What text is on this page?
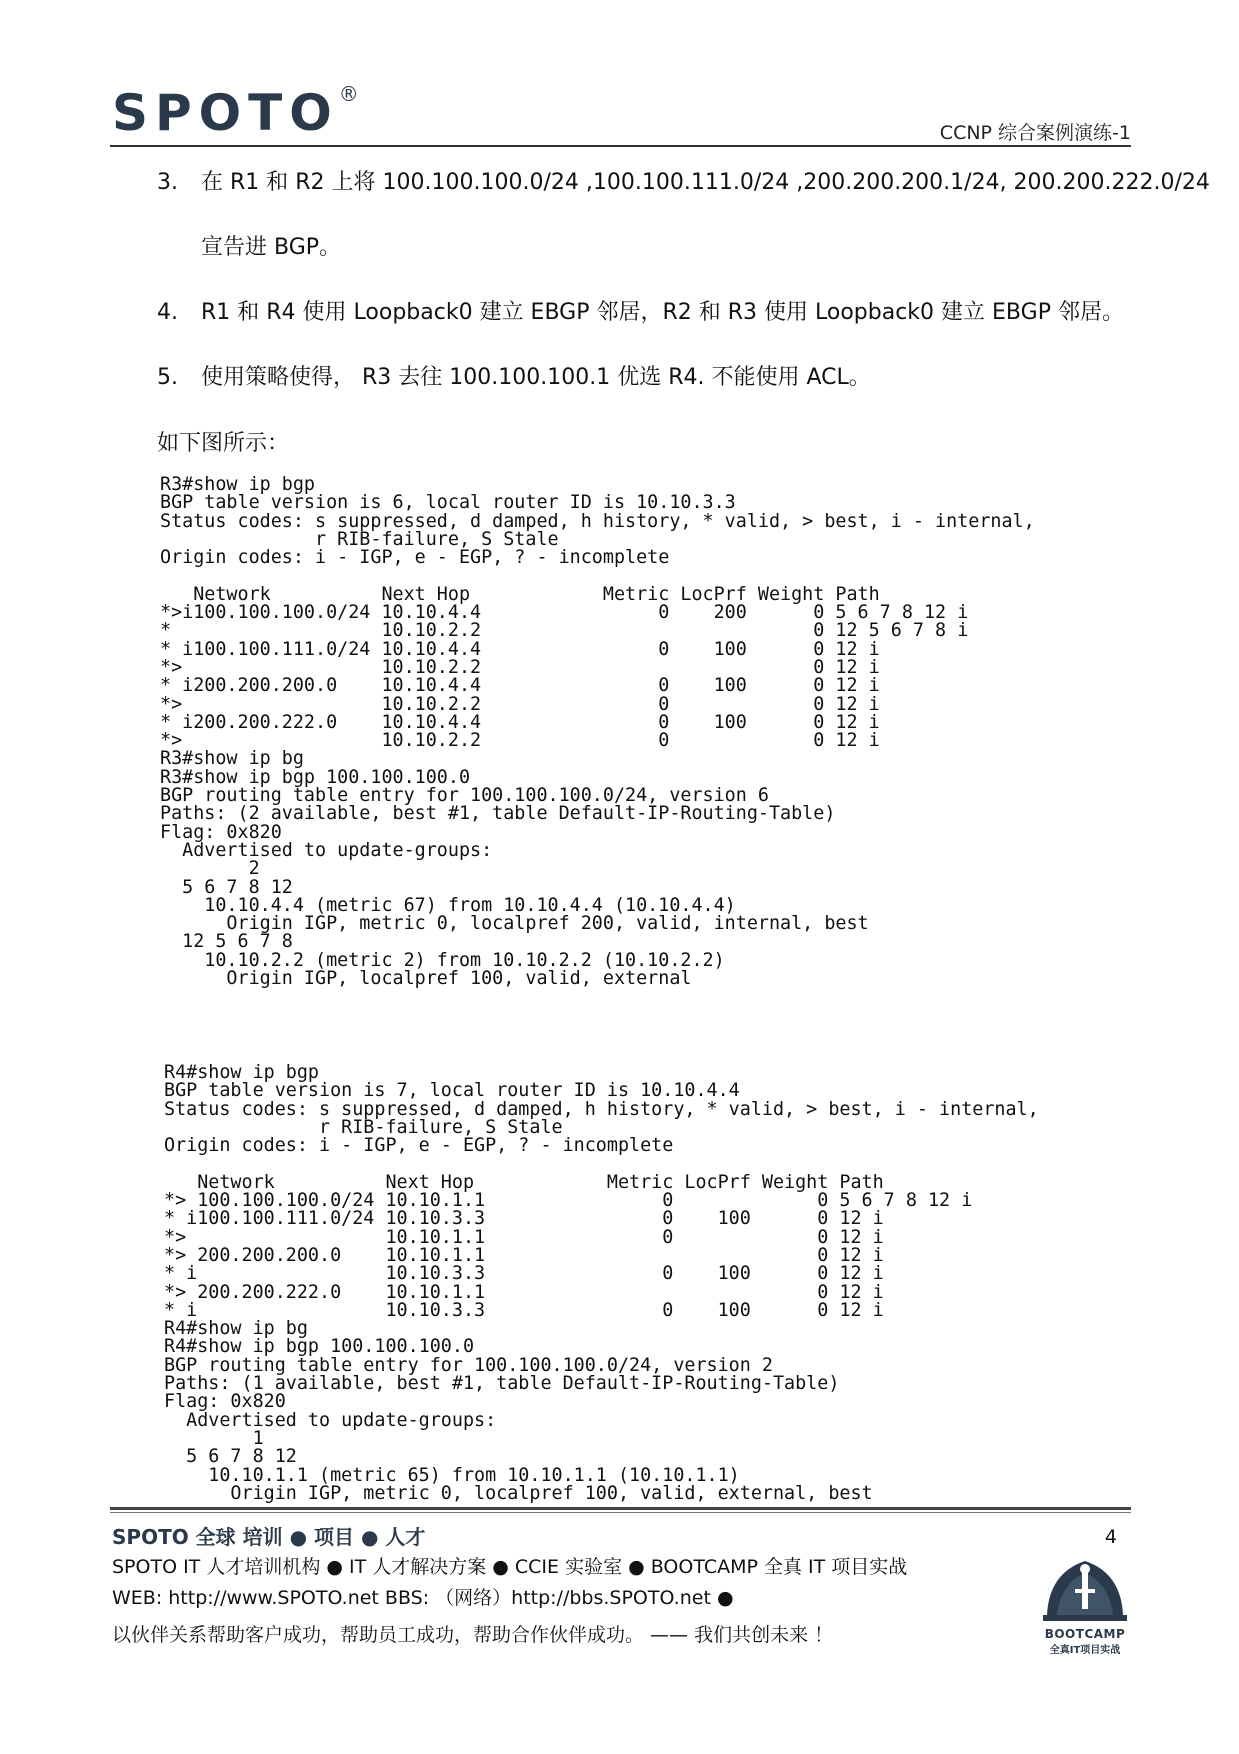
SPOTO®
CCNP 综合案例演练-1
3. 在 R1 和 R2 上将 100.100.100.0/24 ,100.100.111.0/24 ,200.200.200.1/24, 200.200.222.0/24
宣告进 BGP。
4. R1 和 R4 使用 Loopback0 建立 EBGP 邻居，R2 和 R3 使用 Loopback0 建立 EBGP 邻居。
5. 使用策略使得， R3 去往 100.100.100.1 优选 R4. 不能使用 ACL。
如下图所示：
R3#show ip bgp
BGP table version is 6, local router ID is 10.10.3.3
Status codes: s suppressed, d damped, h history, * valid, > best, i - internal,
r RIB-failure, S Stale
Origin codes: i - IGP, e - EGP, ? - incomplete

Network          Next Hop            Metric LocPrf Weight Path
*>i100.100.100.0/24 10.10.4.4                0    200      0 5 6 7 8 12 i
*                   10.10.2.2                              0 12 5 6 7 8 i
* i100.100.111.0/24 10.10.4.4                0    100      0 12 i
*>                  10.10.2.2                              0 12 i
* i200.200.200.0    10.10.4.4                0    100      0 12 i
*>                  10.10.2.2                0             0 12 i
* i200.200.222.0    10.10.4.4                0    100      0 12 i
*>                  10.10.2.2                0             0 12 i
R3#show ip bg
R3#show ip bgp 100.100.100.0
BGP routing table entry for 100.100.100.0/24, version 6
Paths: (2 available, best #1, table Default-IP-Routing-Table)
Flag: 0x820
Advertised to update-groups:
2
5 6 7 8 12
10.10.4.4 (metric 67) from 10.10.4.4 (10.10.4.4)
Origin IGP, metric 0, localpref 200, valid, internal, best
12 5 6 7 8
10.10.2.2 (metric 2) from 10.10.2.2 (10.10.2.2)
Origin IGP, localpref 100, valid, external
R4#show ip bgp
BGP table version is 7, local router ID is 10.10.4.4
Status codes: s suppressed, d damped, h history, * valid, > best, i - internal,
r RIB-failure, S Stale
Origin codes: i - IGP, e - EGP, ? - incomplete

Network          Next Hop            Metric LocPrf Weight Path
*> 100.100.100.0/24 10.10.1.1                0             0 5 6 7 8 12 i
* i100.100.111.0/24 10.10.3.3                0    100      0 12 i
*>                  10.10.1.1                0             0 12 i
*> 200.200.200.0    10.10.1.1                              0 12 i
* i                 10.10.3.3                0    100      0 12 i
*> 200.200.222.0    10.10.1.1                              0 12 i
* i                 10.10.3.3                0    100      0 12 i
R4#show ip bg
R4#show ip bgp 100.100.100.0
BGP routing table entry for 100.100.100.0/24, version 2
Paths: (1 available, best #1, table Default-IP-Routing-Table)
Flag: 0x820
Advertised to update-groups:
1
5 6 7 8 12
10.10.1.1 (metric 65) from 10.10.1.1 (10.10.1.1)
Origin IGP, metric 0, localpref 100, valid, external, best
SPOTO 全球 培训 ● 项目 ● 人才
SPOTO IT 人才培训机构 ● IT 人才解决方案 ● CCIE 实验室 ● BOOTCAMP 全真 IT 项目实战
WEB: http://www.SPOTO.net BBS: （网络）http://bbs.SPOTO.net ●
以伙伴关系帮助客户成功，帮助员工成功，帮助合作伙伴成功。 —— 我们共创未来 ！
4
BOOTCAMP
全真IT项目实战
